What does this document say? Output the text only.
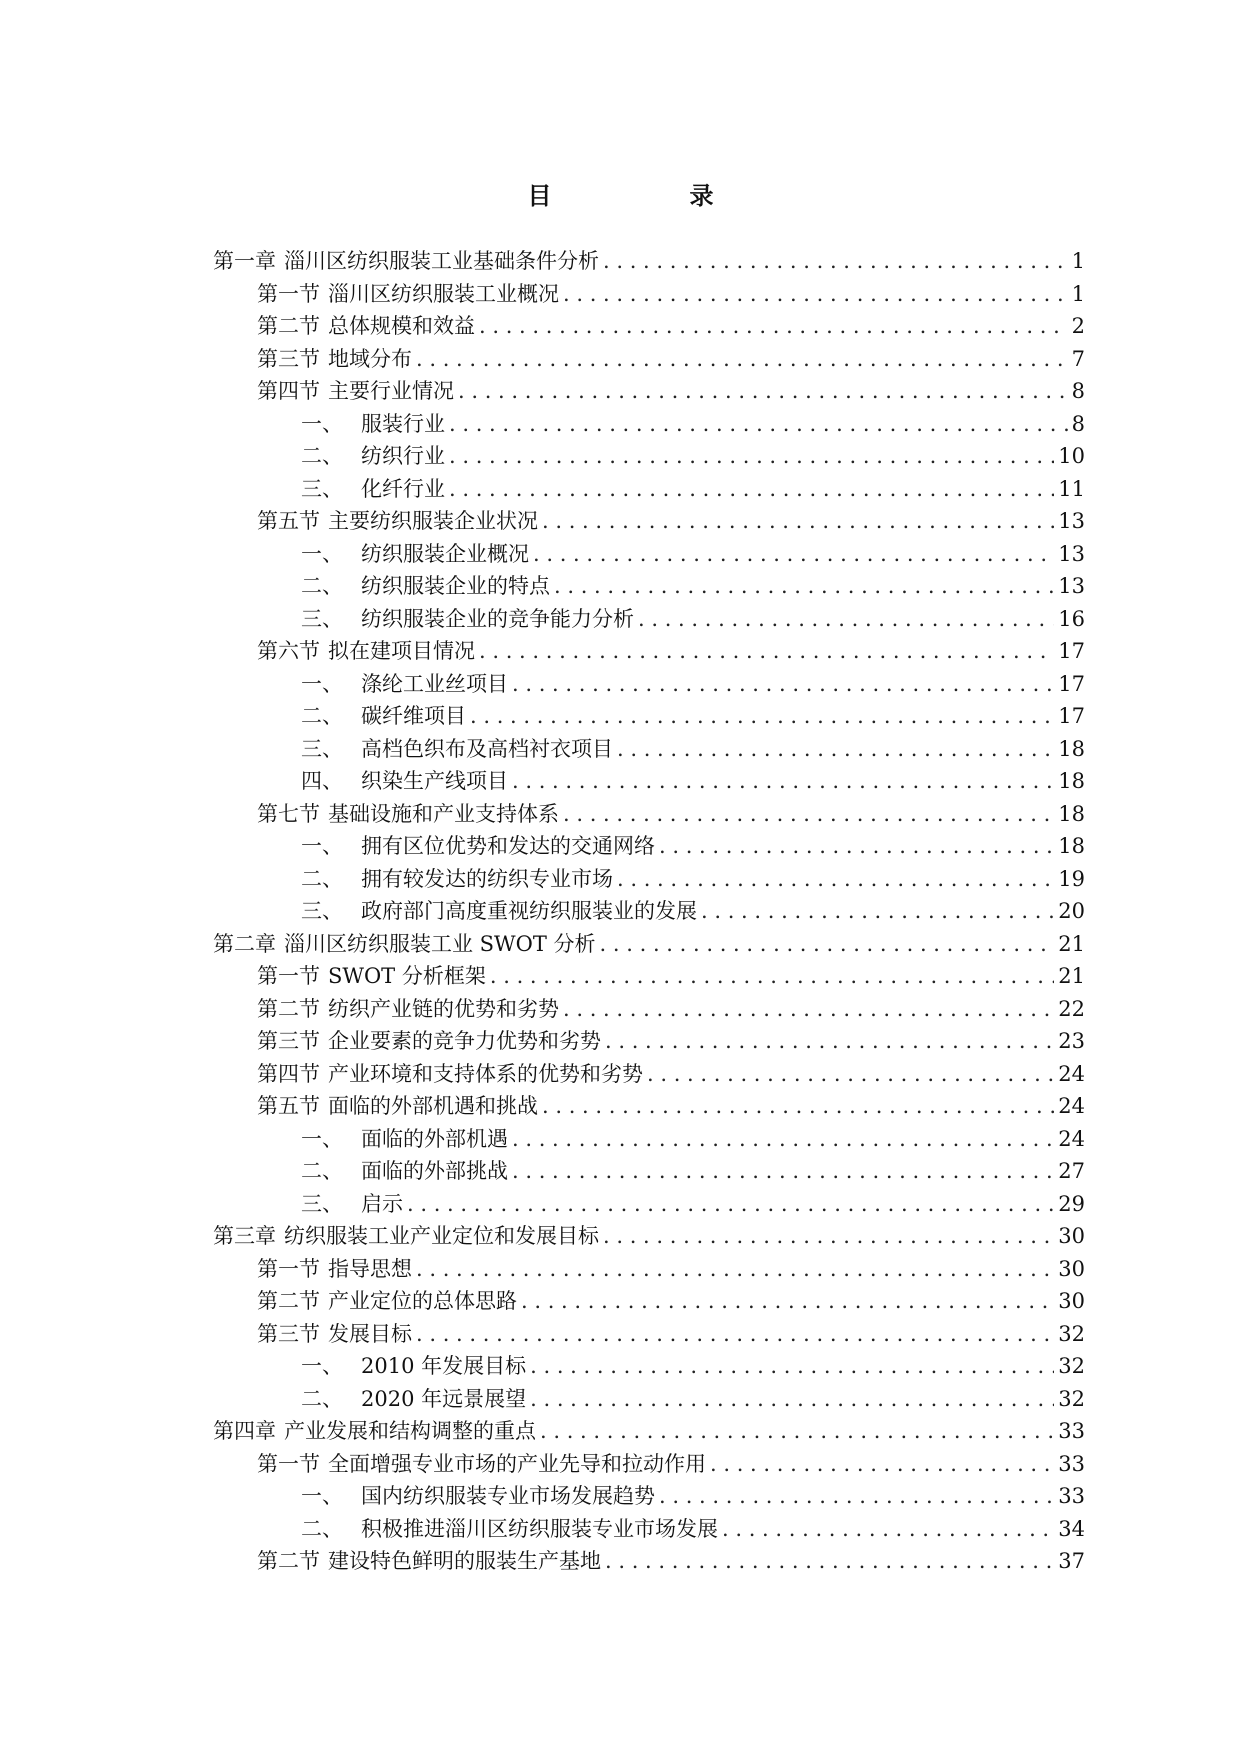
目　　录
第一章 淄川区纺织服装工业基础条件分析 . . .	1
第一节 淄川区纺织服装工业概况 . . .	1
第二节 总体规模和效益 . . .	2
第三节 地域分布 . . .	7
第四节 主要行业情况 . . .	8
一、 服装行业 . . .	8
二、 纺织行业 . . .	10
三、 化纤行业 . . .	11
第五节 主要纺织服装企业状况 . . .	13
一、 纺织服装企业概况 . . .	13
二、 纺织服装企业的特点 . . .	13
三、 纺织服装企业的竞争能力分析 . . .	16
第六节 拟在建项目情况 . . .	17
一、 涤纶工业丝项目 . . .	17
二、 碳纤维项目 . . .	17
三、 高档色织布及高档衬衣项目 . . .	18
四、 织染生产线项目 . . .	18
第七节 基础设施和产业支持体系 . . .	18
一、 拥有区位优势和发达的交通网络 . . .	18
二、 拥有较发达的纺织专业市场 . . .	19
三、 政府部门高度重视纺织服装业的发展 . . .	20
第二章 淄川区纺织服装工业 SWOT 分析 . . .	21
第一节 SWOT 分析框架 . . .	21
第二节 纺织产业链的优势和劣势 . . .	22
第三节 企业要素的竞争力优势和劣势 . . .	23
第四节 产业环境和支持体系的优势和劣势 . . .	24
第五节 面临的外部机遇和挑战 . . .	24
一、 面临的外部机遇 . . .	24
二、 面临的外部挑战 . . .	27
三、 启示 . . .	29
第三章 纺织服装工业产业定位和发展目标 . . .	30
第一节 指导思想 . . .	30
第二节 产业定位的总体思路 . . .	30
第三节 发展目标 . . .	32
一、 2010 年发展目标 . . .	32
二、 2020 年远景展望 . . .	32
第四章 产业发展和结构调整的重点 . . .	33
第一节 全面增强专业市场的产业先导和拉动作用 . . .	33
一、 国内纺织服装专业市场发展趋势 . . .	33
二、 积极推进淄川区纺织服装专业市场发展 . . .	34
第二节 建设特色鲜明的服装生产基地 . . .	37
